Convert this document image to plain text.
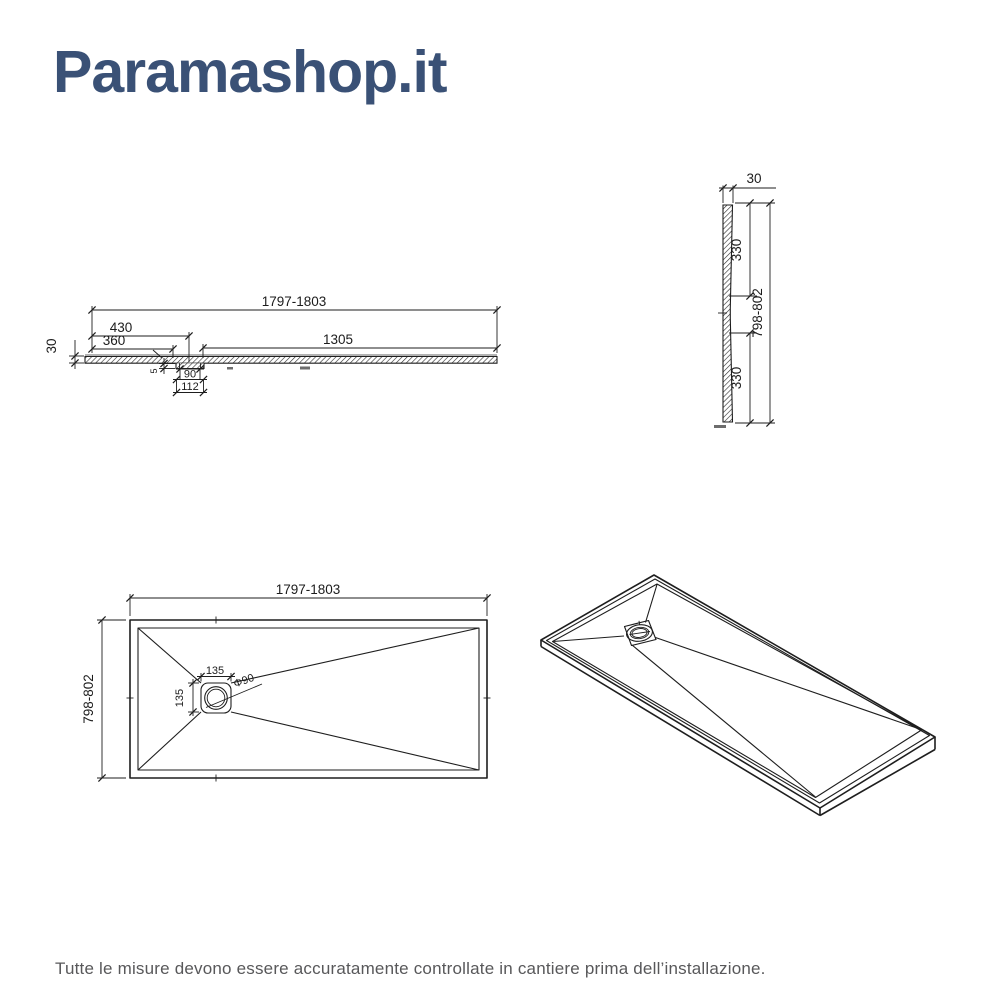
Paramashop.it
1797-1803
430
360	1305
30
5 90
112
30
330
330
798-802
Φ90
135
135
1797-1803
798-802
Tutte le misure devono essere accuratamente controllate in cantiere prima dell’installazione.
